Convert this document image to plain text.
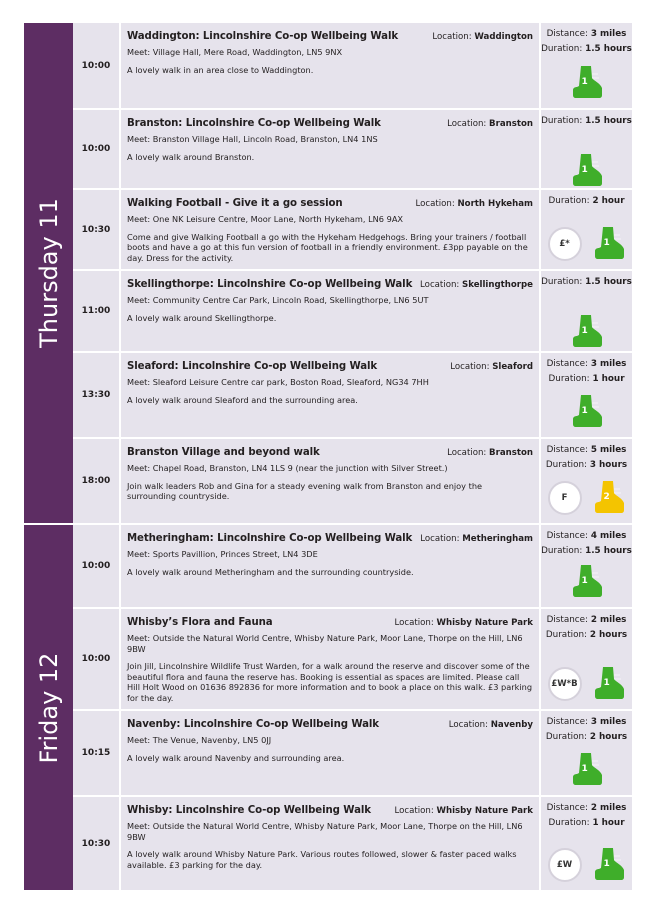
Thursday 11
10:00
Waddington: Lincolnshire Co-op Wellbeing Walk	Location: Waddington
Meet: Village Hall, Mere Road, Waddington, LN5 9NX
A lovely walk in an area close to Waddington.
Distance: 3 miles
Duration: 1.5 hours
1
10:00
Branston: Lincolnshire Co-op Wellbeing Walk	Location: Branston
Meet: Branston Village Hall, Lincoln Road, Branston, LN4 1NS
A lovely walk around Branston.
Duration: 1.5 hours
1
10:30
Walking Football - Give it a go session	Location: North Hykeham
Meet: One NK Leisure Centre, Moor Lane, North Hykeham, LN6 9AX
Come and give Walking Football a go with the Hykeham Hedgehogs. Bring your trainers / football boots and have a go at this fun version of football in a friendly environment. £3pp payable on the day. Dress for the activity.
Duration: 2 hour
£*	1
11:00
Skellingthorpe: Lincolnshire Co-op Wellbeing Walk Location: Skellingthorpe
Meet: Community Centre Car Park, Lincoln Road, Skellingthorpe, LN6 5UT
A lovely walk around Skellingthorpe.
Duration: 1.5 hours
1
13:30
Sleaford: Lincolnshire Co-op Wellbeing Walk	Location: Sleaford
Meet: Sleaford Leisure Centre car park, Boston Road, Sleaford, NG34 7HH
A lovely walk around Sleaford and the surrounding area.
Distance: 3 miles
Duration: 1 hour
1
18:00
Branston Village and beyond walk	Location: Branston
Meet: Chapel Road, Branston, LN4 1LS 9 (near the junction with Silver Street.)
Join walk leaders Rob and Gina for a steady evening walk from Branston and enjoy the surrounding countryside.
Distance: 5 miles
Duration: 3 hours
F	2
Friday 12
10:00
Metheringham: Lincolnshire Co-op Wellbeing Walk Location: Metheringham
Meet: Sports Pavillion, Princes Street, LN4 3DE
A lovely walk around Metheringham and the surrounding countryside.
Distance: 4 miles
Duration: 1.5 hours
1
10:00
Whisby’s Flora and Fauna	Location: Whisby Nature Park
Meet: Outside the Natural World Centre, Whisby Nature Park, Moor Lane, Thorpe on the Hill, LN6 9BW
Join Jill, Lincolnshire Wildlife Trust Warden, for a walk around the reserve and discover some of the beautiful flora and fauna the reserve has. Booking is essential as spaces are limited. Please call Hill Holt Wood on 01636 892836 for more information and to book a place on this walk. £3 parking for the day.
Distance: 2 miles
Duration: 2 hours
£W*B	1
10:15
Navenby: Lincolnshire Co-op Wellbeing Walk	Location: Navenby
Meet: The Venue, Navenby, LN5 0JJ
A lovely walk around Navenby and surrounding area.
Distance: 3 miles
Duration: 2 hours
1
10:30
Whisby: Lincolnshire Co-op Wellbeing Walk	Location: Whisby Nature Park
Meet: Outside the Natural World Centre, Whisby Nature Park, Moor Lane, Thorpe on the Hill, LN6 9BW
A lovely walk around Whisby Nature Park. Various routes followed, slower & faster paced walks available. £3 parking for the day.
Distance: 2 miles
Duration: 1 hour
£W	1
